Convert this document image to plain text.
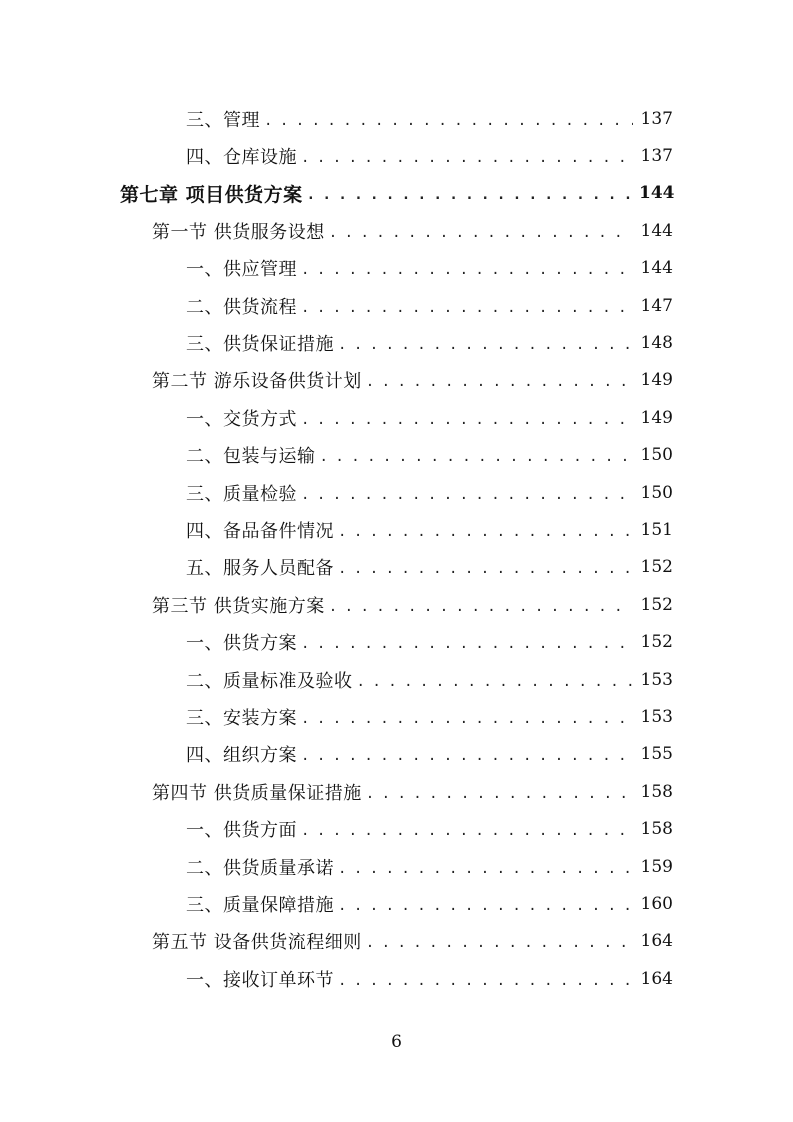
三、管理 . . .	137
四、仓库设施 . . .	137
第七章 项目供货方案 . . .	144
第一节 供货服务设想 . . .	144
一、供应管理 . . .	144
二、供货流程 . . .	147
三、供货保证措施 . . .	148
第二节 游乐设备供货计划 . . .	149
一、交货方式 . . .	149
二、包装与运输 . . .	150
三、质量检验 . . .	150
四、备品备件情况 . . .	151
五、服务人员配备 . . .	152
第三节 供货实施方案 . . .	152
一、供货方案 . . .	152
二、质量标准及验收 . . .	153
三、安装方案 . . .	153
四、组织方案 . . .	155
第四节 供货质量保证措施 . . .	158
一、供货方面 . . .	158
二、供货质量承诺 . . .	159
三、质量保障措施 . . .	160
第五节 设备供货流程细则 . . .	164
一、接收订单环节 . . .	164
6
